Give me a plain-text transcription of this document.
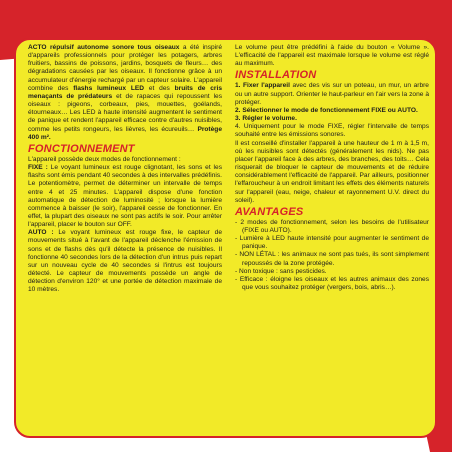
ACTO répulsif autonome sonore tous oiseaux a été inspiré d'appareils professionnels pour protéger les potagers, arbres fruitiers, bassins de poissons, jardins, bosquets de fleurs… des dégradations causées par les oiseaux. Il fonctionne grâce à un accumulateur d'énergie rechargé par un capteur solaire. L'appareil combine des flashs lumineux LED et des bruits de cris menaçants de prédateurs et de rapaces qui repoussent les oiseaux : pigeons, corbeaux, pies, mouettes, goélands, étourneaux… Les LED à haute intensité augmentent le sentiment de panique et rendent l'appareil efficace contre d'autres nuisibles, comme les petits rongeurs, les lièvres, les écureuils… Protège 400 m².

FONCTIONNEMENT

L'appareil possède deux modes de fonctionnement :

FIXE : Le voyant lumineux est rouge clignotant, les sons et les flashs sont émis pendant 40 secondes à des intervalles prédéfinis. Le potentiomètre, permet de déterminer un intervalle de temps entre 4 et 25 minutes. L'appareil dispose d'une fonction automatique de détection de luminosité ; lorsque la lumière commence à baisser (le soir), l'appareil cesse de fonctionner. En effet, la plupart des oiseaux ne sont pas actifs le soir. Pour arrêter l'appareil, placer le bouton sur OFF.

AUTO : Le voyant lumineux est rouge fixe, le capteur de mouvements situé à l'avant de l'appareil déclenche l'émission de sons et de flashs dès qu'il détecte la présence de nuisibles. Il fonctionne 40 secondes lors de la détection d'un intrus puis repart sur un nouveau cycle de 40 secondes si l'intrus est toujours détecté. Le capteur de mouvements possède un angle de détection d'environ 120° et une portée de détection maximale de 10 mètres.

Le volume peut être prédéfini à l'aide du bouton « Volume ». L'efficacité de l'appareil est maximale lorsque le volume est réglé au maximum.

INSTALLATION

1. Fixer l'appareil avec des vis sur un poteau, un mur, un arbre ou un autre support. Orienter le haut-parleur en l'air vers la zone à protéger.

2. Sélectionner le mode de fonctionnement FIXE ou AUTO.

3. Régler le volume.

4. Uniquement pour le mode FIXE, régler l'intervalle de temps souhaité entre les émissions sonores.

Il est conseillé d'installer l'appareil à une hauteur de 1 m à 1,5 m, où les nuisibles sont détectés (généralement les nids). Ne pas placer l'appareil face à des arbres, des branches, des toits… Cela risquerait de bloquer le capteur de mouvements et de réduire considérablement l'efficacité de l'appareil. Par ailleurs, positionner l'effaroucheur à un endroit limitant les effets des éléments naturels sur l'appareil (eau, neige, chaleur et rayonnement U.V. direct du soleil).

AVANTAGES
- 2 modes de fonctionnement, selon les besoins de l'utilisateur (FIXE ou AUTO).
- Lumière à LED haute intensité pour augmenter le sentiment de panique.
- NON LÉTAL : les animaux ne sont pas tués, ils sont simplement repoussés de la zone protégée.
- Non toxique : sans pesticides.
- Efficace : éloigne les oiseaux et les autres animaux des zones que vous souhaitez protéger (vergers, bois, abris…).
